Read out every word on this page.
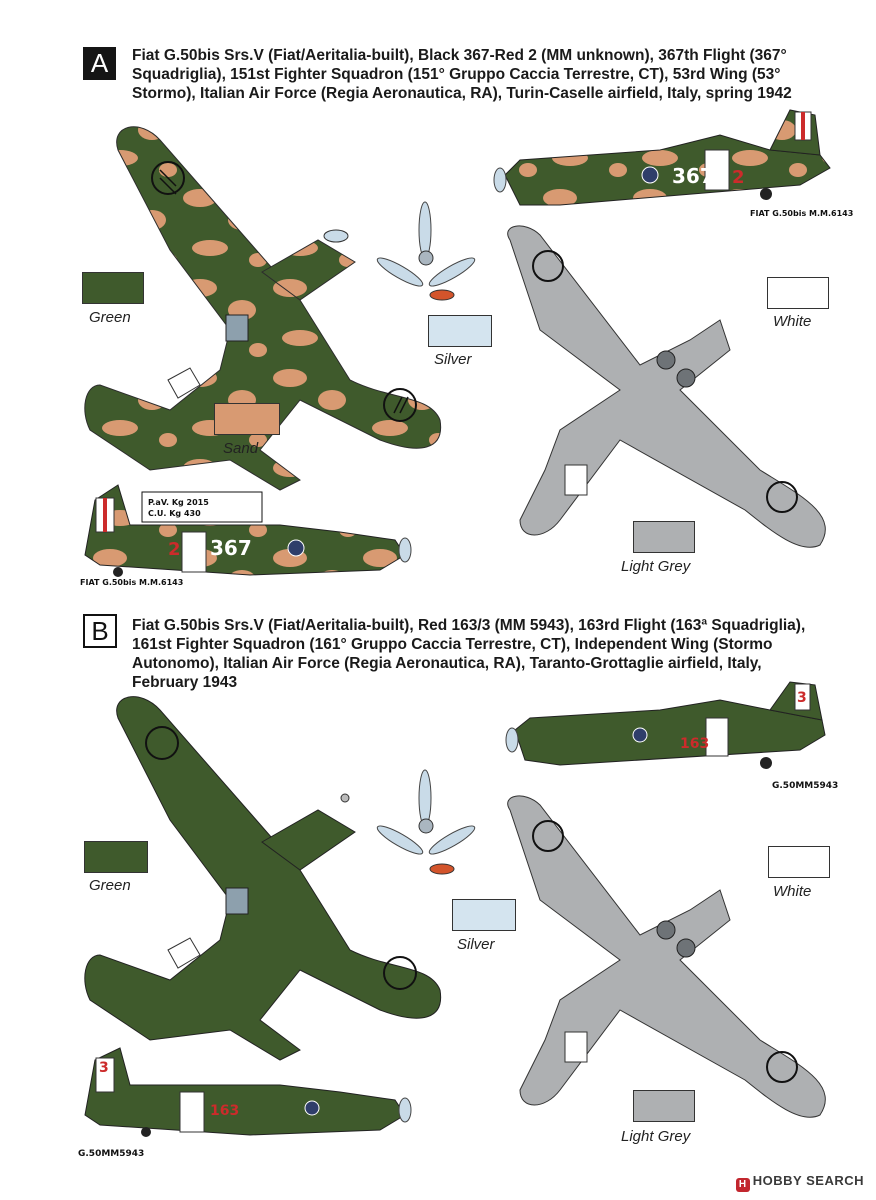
A	Fiat G.50bis Srs.V (Fiat/Aeritalia-built), Black 367-Red 2 (MM unknown), 367th Flight (367° Squadriglia), 151st Fighter Squadron (151° Gruppo Caccia Terrestre, CT), 53rd Wing (53° Stormo), Italian Air Force (Regia Aeronautica, RA), Turin-Caselle airfield, Italy, spring 1942
367 2
FIAT G.50bis M.M.6143
P.aV. Kg 2015
C.U. Kg 430
367
2
FIAT G.50bis M.M.6143
Green
Sand
Silver
White
Light Grey
B	Fiat G.50bis Srs.V (Fiat/Aeritalia-built), Red 163/3 (MM 5943), 163rd Flight (163ª Squadriglia), 161st Fighter Squadron (161° Gruppo Caccia Terrestre, CT), Independent Wing (Stormo Autonomo), Italian Air Force (Regia Aeronautica, RA), Taranto-Grottaglie airfield, Italy, February 1943
163
3
G.50MM5943
163
3
G.50MM5943
Green
Silver
White
Light Grey
H HOBBY SEARCH
